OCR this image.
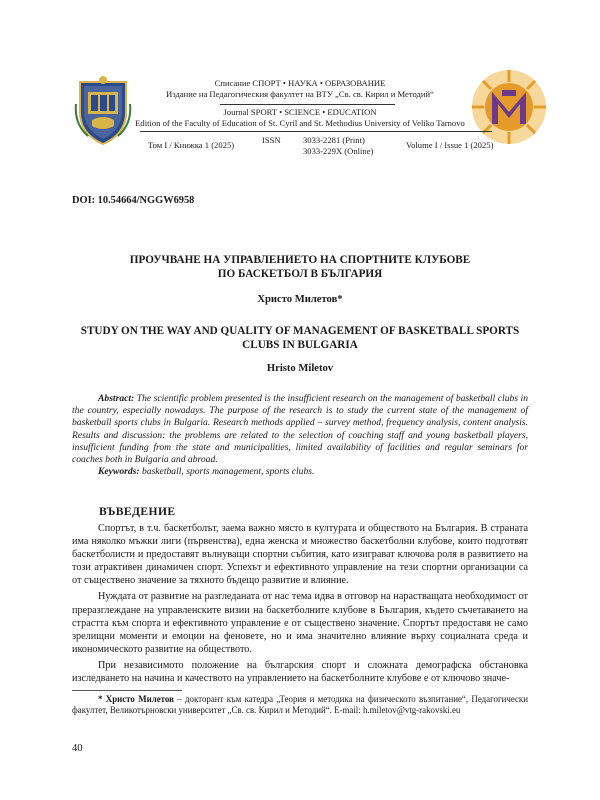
Списание СПОРТ • НАУКА • ОБРАЗОВАНИЕ
Издание на Педагогическия факултет на ВТУ „Св. св. Кирил и Методий“
Journal SPORT • SCIENCE • EDUCATION
Edition of the Faculty of Education of St. Cyril and St. Methodius University of Veliko Tarnovo
Том I / Книжка 1 (2025)	ISSN	3033-2281 (Print)
3033-229X (Online)
Volume I / Issue 1 (2025)
DOI: 10.54664/NGGW6958
ПРОУЧВАНЕ НА УПРАВЛЕНИЕТО НА СПОРТНИТЕ КЛУБОВЕ
ПО БАСКЕТБОЛ В БЪЛГАРИЯ
Христо Милетов*
STUDY ON THE WAY AND QUALITY OF MANAGEMENT OF BASKETBALL SPORTS
CLUBS IN BULGARIA
Hristo Miletov
Abstract: The scientific problem presented is the insufficient research on the management of basketball clubs in the country, especially nowadays. The purpose of the research is to study the current state of the management of basketball sports clubs in Bulgaria. Research methods applied – survey method, frequency analysis, content analysis. Results and discussion: the problems are related to the selection of coaching staff and young basketball players, insufficient funding from the state and municipalities, limited availability of facilities and regular seminars for coaches both in Bulgaria and abroad.
Keywords: basketball, sports management, sports clubs.
ВЪВЕДЕНИЕ

Спортът, в т.ч. баскетболът, заема важно място в културата и обществото на България. В страната има няколко мъжки лиги (първенства), една женска и множество баскетболни клубове, които подготвят баскетболисти и предоставят вълнуващи спортни събития, като изиграват ключова роля в развитието на този атрактивен динамичен спорт. Успехът и ефективното управление на тези спортни организации са от съществено значение за тяхното бъдещо развитие и влияние.

Нуждата от развитие на разгледаната от нас тема идва в отговор на нарастващата необходимост от преразглеждане на управленските визии на баскетболните клубове в България, където съчетаването на страстта към спорта и ефективното управление е от съществено значение. Спортът предоставя не само зрелищни моменти и емоции на феновете, но и има значително влияние върху социалната среда и икономическото развитие на обществото.

При независимото положение на българския спорт и сложната демографска обстановка изследването на начина и качеството на управлението на баскетболните клубове е от ключово значе-

* Христо Милетов – докторант към катедра „Теория и методика на физическото възпитание“, Педагогически факултет, Великотърновски университет „Св. св. Кирил и Методий“. E-mail: h.miletov@vtg-rakovski.eu
40
